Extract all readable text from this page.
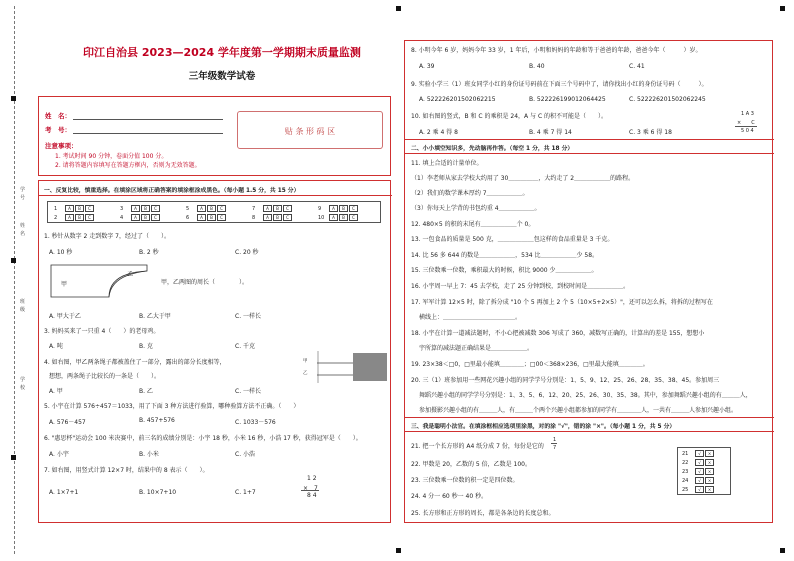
学
号
姓
名
班
级
学
校
印江自治县 2023—2024 学年度第一学期期末质量监测
三年级数学试卷
姓　名：
考　号：	贴 条 形 码 区
注意事项：
1. 考试时间 90 分钟，卷面分值 100 分。
2. 请将答题内容填写在答题方框内，否则为无效答题。
一、反复比较，慎重选择。在填涂区域将正确答案的填涂框涂成黑色。（每小题 1.5 分，共 15 分）
1	A B C	3	A B C	5	A B C	7	A B C	9	A B C
2	A B C	4	A B C	6	A B C	8	A B C	10 A B C
1. 秒针从数字 2 走到数字 7，经过了（　　）。
A. 10 秒	B. 2 秒	C. 20 秒
甲
乙
甲，乙两图的周长（　　　　）。
A. 甲大于乙	B. 乙大于甲	C. 一样长
3. 妈妈买来了一只重 4（　　）的老母鸡。
A. 吨	B. 克	C. 千克
4. 如右图，甲乙两条绳子都被盖住了一部分，露出的部分长度相等，
想想，两条绳子比较长的一条是（　　）。
甲
乙
A. 甲	B. 乙	C. 一样长
5. 小宇在计算 576÷457＝1033，用了下面 3 种方法进行验算，哪种验算方法不正确。（　　）
A. 576－457	B. 457+576	C. 1033－576
6. "惠思杯"运动会 100 米决赛中，前三名的成绩分别是：小宇 18 秒，小米 16 秒，小浩 17 秒，获得冠军是（　　）。
A. 小宇	B. 小米	C. 小浩
7. 如右图，用竖式计算 12×7 时，结果中的 8 表示（　　）。
1 2
×　7
8 4
A. 1×7+1	B. 10×7+10	C. 1+7
8. 小明今年 6 岁，妈妈今年 33 岁，1 年后，小明和妈妈的年龄和等于爸爸的年龄，爸爸今年（　　　）岁。
A. 39	B. 40	C. 41
9. 实验小学三（1）班女同学小红的身份证号码前在下面三个号码中了，请你找出小红的身份证号码（　　　）。
A. 522226201502062215	B. 522226199012064425	C. 522226201502062245
10. 如右图的竖式，B 和 C 的乘积是 24，A 与 C 的积不可能是（　　）。	1 A 3
×　　C
5 0 4
A. 2 乘 4 得 8	B. 4 乘 7 得 14	C. 3 乘 6 得 18
二、小小填空知识多，先动脑再作答。（每空 1 分，共 18 分）
11. 填上合适的计量单位。
（1）李老师从家去学校大约用了 30＿＿＿＿＿，大约走了 2＿＿＿＿＿＿的路程。
（2）我们的数学课本厚约 7＿＿＿＿＿＿。
（3）你每天上学背的书包约重 4＿＿＿＿＿＿。
12. 480×5 的积的末尾有＿＿＿＿＿＿个 0。
13. 一包食品的质量是 500 克，＿＿＿＿＿＿包这样的食品重量是 3 千克。
14. 比 56 多 644 的数是＿＿＿＿＿＿，534 比＿＿＿＿＿＿少 58。
15. 三位数乘一位数，乘积最大的时候，积比 9000 少＿＿＿＿＿＿。
16. 小宇周一早上 7：45 去学校，走了 25 分钟到校，到校时间是＿＿＿＿＿＿。
17. 军军计算 12×5 时，除了拆分成 "10 个 5 再加上 2 个 5（10×5+2×5）"，还可以怎么拆，将拆的过程写在
横线上：＿＿＿＿＿＿＿＿＿＿＿＿。
18. 小宇在计算一道减法题时，不小心把被减数 306 写成了 360，减数写正确的，计算出的差是 155，想想小
宇所算的减法题正确结果是＿＿＿＿＿＿。
19. 23×38＜□0，□里最小能填＿＿＿＿；□00＜368×236，□里最大能填＿＿＿＿。
20. 三（1）班参加用一些网花兴趣小组的同学学号分别是：1、5、9、12、25、26、28、35、38、45。参加周三
舞蹈兴趣小组的同学学号分别是：1、3、5、6、12、20、25、26、30、35、38。其中，参加舞蹈兴趣小组的有＿＿＿人，
参加摄影兴趣小组的有＿＿＿人，有＿＿＿个两个兴趣小组都参加的同学有＿＿＿＿人，一共有＿＿＿人参加兴趣小组。
三、我是聪明小法官。在填涂框相应选项里涂黑，对的涂 "√"，错的涂 "×"。（每小题 1 分，共 5 分）
21. 把一个长方形的 A4 纸分成 7 份，每份是它的
1
7
22. 甲数是 20，乙数的 5 倍，乙数是 100。
23. 三位数乘一位数的积一定是四位数。
24. 4 分一 60 秒一 40 秒。
25. 长方形和正方形的周长，都是各条边的长度总和。
21 √ ×
22 √ ×
23 √ ×
24 √ ×
25 √ ×
